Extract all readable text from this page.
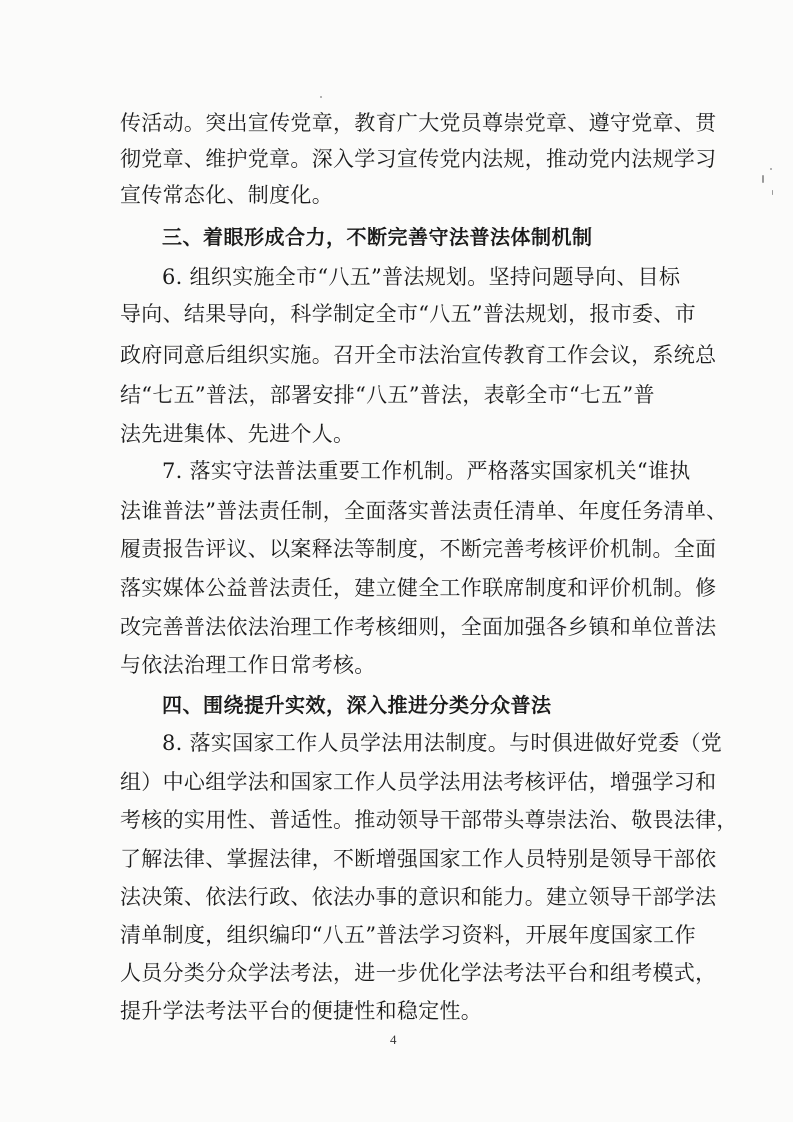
传活动。突出宣传党章，教育广大党员尊崇党章、遵守党章、贯
彻党章、维护党章。深入学习宣传党内法规，推动党内法规学习
宣传常态化、制度化。
三、着眼形成合力，不断完善守法普法体制机制
6. 组织实施全市“八五”普法规划。坚持问题导向、目标
导向、结果导向，科学制定全市“八五”普法规划，报市委、市
政府同意后组织实施。召开全市法治宣传教育工作会议，系统总
结“七五”普法，部署安排“八五”普法，表彰全市“七五”普
法先进集体、先进个人。
7. 落实守法普法重要工作机制。严格落实国家机关“谁执
法谁普法”普法责任制，全面落实普法责任清单、年度任务清单、
履责报告评议、以案释法等制度，不断完善考核评价机制。全面
落实媒体公益普法责任，建立健全工作联席制度和评价机制。修
改完善普法依法治理工作考核细则，全面加强各乡镇和单位普法
与依法治理工作日常考核。
四、围绕提升实效，深入推进分类分众普法
8. 落实国家工作人员学法用法制度。与时俱进做好党委（党
组）中心组学法和国家工作人员学法用法考核评估，增强学习和
考核的实用性、普适性。推动领导干部带头尊崇法治、敬畏法律，
了解法律、掌握法律，不断增强国家工作人员特别是领导干部依
法决策、依法行政、依法办事的意识和能力。建立领导干部学法
清单制度，组织编印“八五”普法学习资料，开展年度国家工作
人员分类分众学法考法，进一步优化学法考法平台和组考模式，
提升学法考法平台的便捷性和稳定性。
4
